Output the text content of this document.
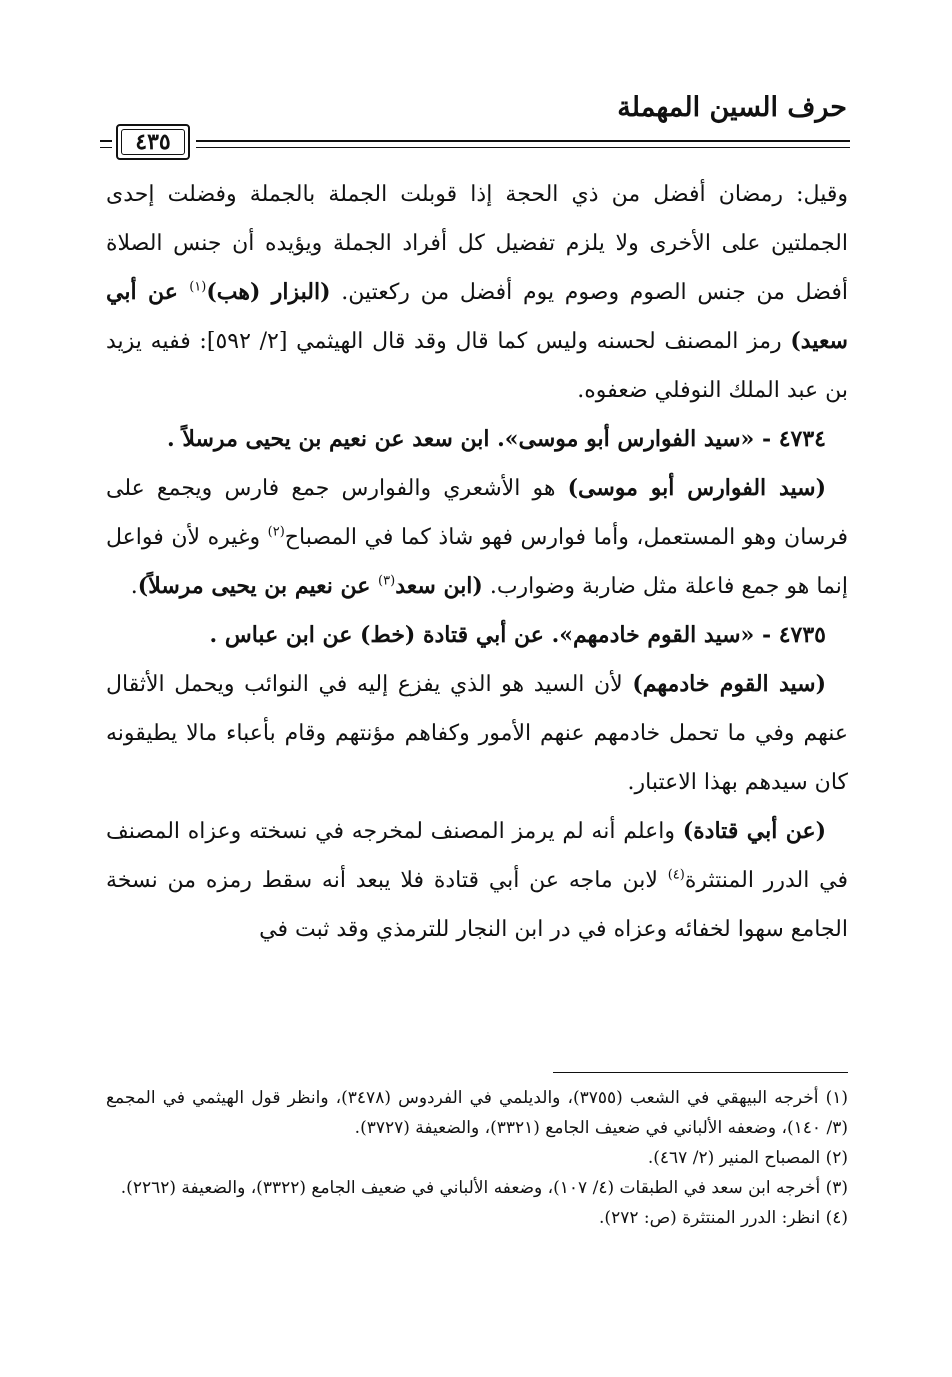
حرف السين المهملة
٤٣٥

وقيل: رمضان أفضل من ذي الحجة إذا قوبلت الجملة بالجملة وفضلت إحدى الجملتين على الأخرى ولا يلزم تفضيل كل أفراد الجملة ويؤيده أن جنس الصلاة أفضل من جنس الصوم وصوم يوم أفضل من ركعتين. (البزار (هب)$^{(١)}$ عن أبي سعيد) رمز المصنف لحسنه وليس كما قال وقد قال الهيثمي [٢/ ٥٩٢]: ففيه يزيد بن عبد الملك النوفلي ضعفوه.

٤٧٣٤ - «سيد الفوارس أبو موسى». ابن سعد عن نعيم بن يحيى مرسلاً .

(سيد الفوارس أبو موسى) هو الأشعري والفوارس جمع فارس ويجمع على فرسان وهو المستعمل، وأما فوارس فهو شاذ كما في المصباح$^{(٢)}$ وغيره لأن فواعل إنما هو جمع فاعلة مثل ضاربة وضوارب. (ابن سعد$^{(٣)}$ عن نعيم بن يحيى مرسلاً).

٤٧٣٥ - «سيد القوم خادمهم». عن أبي قتادة (خط) عن ابن عباس .

(سيد القوم خادمهم) لأن السيد هو الذي يفزع إليه في النوائب ويحمل الأثقال عنهم وفي ما تحمل خادمهم عنهم الأمور وكفاهم مؤنتهم وقام بأعباء مالا يطيقونه كان سيدهم بهذا الاعتبار.

(عن أبي قتادة) واعلم أنه لم يرمز المصنف لمخرجه في نسخته وعزاه المصنف في الدرر المنتثرة$^{(٤)}$ لابن ماجه عن أبي قتادة فلا يبعد أنه سقط رمزه من نسخة الجامع سهوا لخفائه وعزاه في در ابن النجار للترمذي وقد ثبت في

(١) أخرجه البيهقي في الشعب (٣٧٥٥)، والديلمي في الفردوس (٣٤٧٨)، وانظر قول الهيثمي في المجمع (٣/ ١٤٠)، وضعفه الألباني في ضعيف الجامع (٣٣٢١)، والضعيفة (٣٧٢٧).

(٢) المصباح المنير (٢/ ٤٦٧).

(٣) أخرجه ابن سعد في الطبقات (٤/ ١٠٧)، وضعفه الألباني في ضعيف الجامع (٣٣٢٢)، والضعيفة (٢٢٦٢).

(٤) انظر: الدرر المنتثرة (ص: ٢٧٢).
